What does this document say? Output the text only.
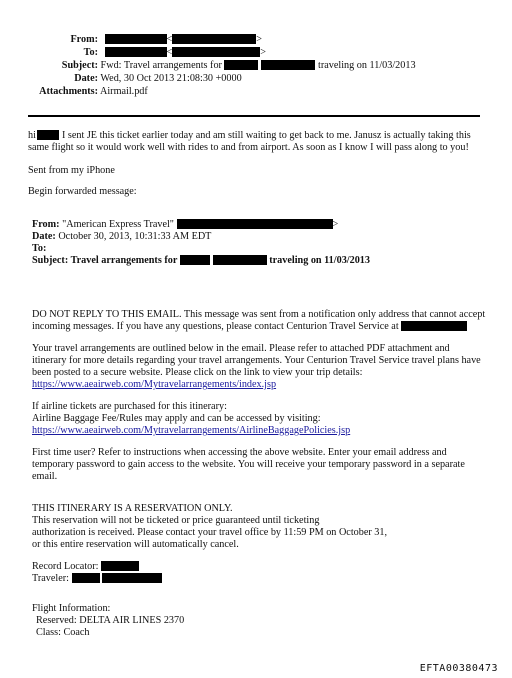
From:	<	>
To:	<	>
Subject: Fwd: Travel arrangements for	traveling on 11/03/2013
Date: Wed, 30 Oct 2013 21:08:30 +0000
Attachments: Airmail.pdf
hi	I sent JE this ticket earlier today and am still waiting to get back to me. Janusz is actually taking this
same flight so it would work well with rides to and from airport. As soon as I know I will pass along to you!
Sent from my iPhone
Begin forwarded message:
From: "American Express Travel"	>
Date: October 30, 2013, 10:31:33 AM EDT
To:
Subject: Travel arrangements for	traveling on 11/03/2013
DO NOT REPLY TO THIS EMAIL. This message was sent from a notification only address that cannot accept
incoming messages. If you have any questions, please contact Centurion Travel Service at
Your travel arrangements are outlined below in the email. Please refer to attached PDF attachment and
itinerary for more details regarding your travel arrangements. Your Centurion Travel Service travel plans have
been posted to a secure website. Please click on the link to view your trip details:
https://www.aeairweb.com/Mytravelarrangements/index.jsp
If airline tickets are purchased for this itinerary:
Airline Baggage Fee/Rules may apply and can be accessed by visiting:
https://www.aeairweb.com/Mytravelarrangements/AirlineBaggagePolicies.jsp
First time user? Refer to instructions when accessing the above website. Enter your email address and
temporary password to gain access to the website. You will receive your temporary password in a separate
email.
THIS ITINERARY IS A RESERVATION ONLY.
This reservation will not be ticketed or price guaranteed until ticketing
authorization is received. Please contact your travel office by 11:59 PM on October 31,
or this entire reservation will automatically cancel.
Record Locator:
Traveler:
Flight Information:
Reserved: DELTA AIR LINES 2370
Class: Coach
EFTA00380473
